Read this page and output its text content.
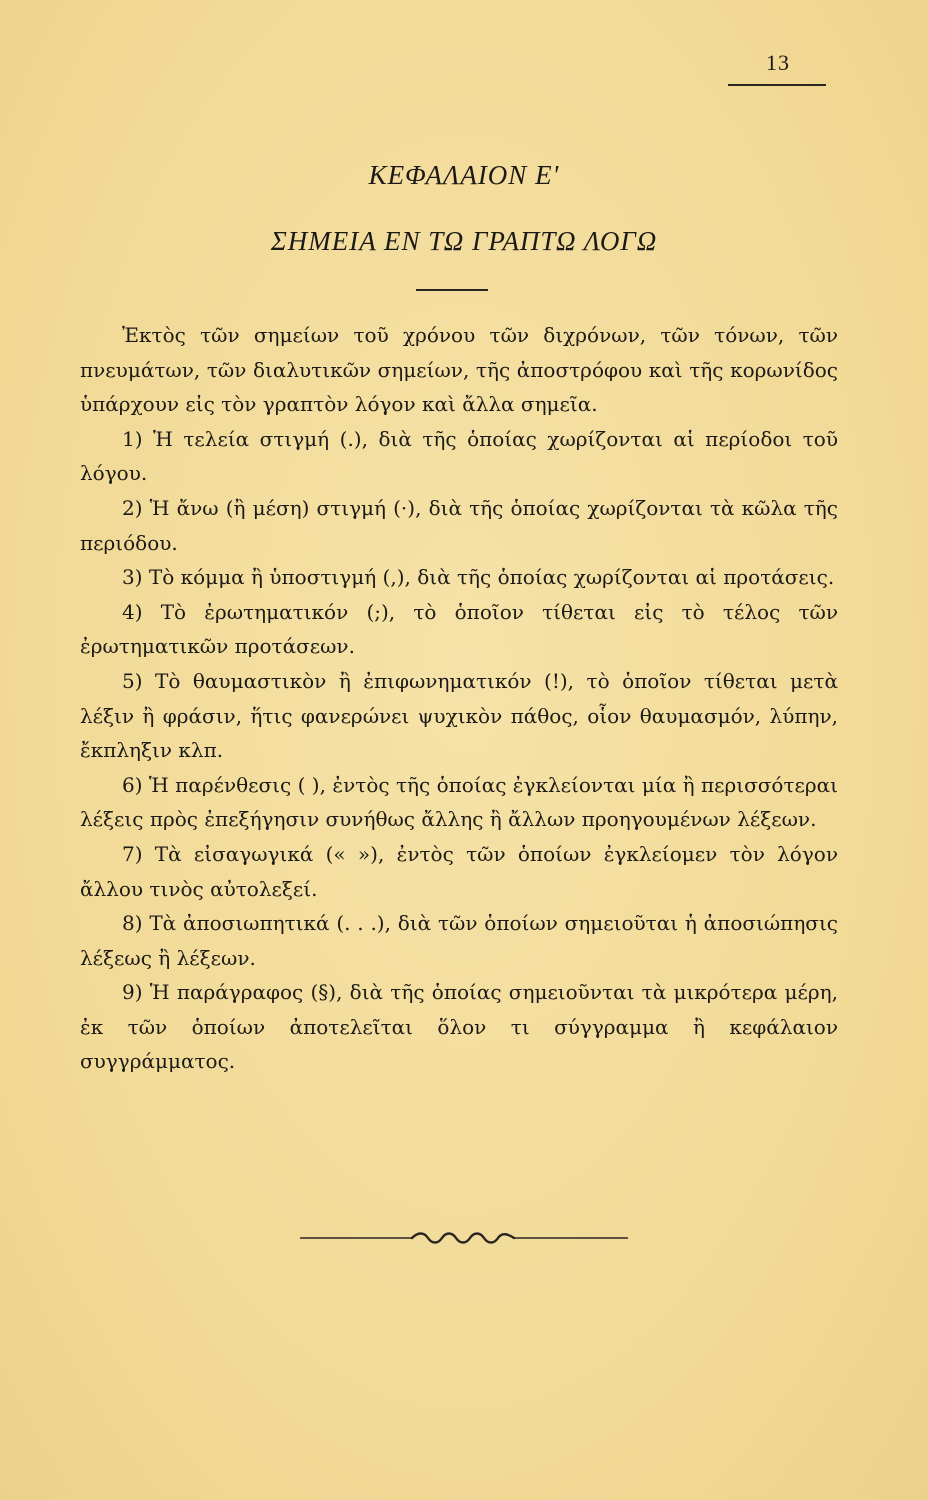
13
ΚΕΦΑΛΑΙΟΝ Ε'
ΣΗΜΕΙΑ ΕΝ ΤΩ ΓΡΑΠΤΩ ΛΟΓΩ

Ἐκτὸς τῶν σημείων τοῦ χρόνου τῶν διχρόνων, τῶν τόνων, τῶν πνευμάτων, τῶν διαλυτικῶν σημείων, τῆς ἀποστρόφου καὶ τῆς κορωνίδος ὑπάρχουν εἰς τὸν γραπτὸν λόγον καὶ ἄλλα σημεῖα.

1) Ἡ τελεία στιγμή (.), διὰ τῆς ὁποίας χωρίζονται αἱ περίοδοι τοῦ λόγου.

2) Ἡ ἄνω (ἢ μέση) στιγμή (·), διὰ τῆς ὁποίας χωρίζονται τὰ κῶλα τῆς περιόδου.

3) Τὸ κόμμα ἢ ὑποστιγμή (,), διὰ τῆς ὁποίας χωρίζονται αἱ προτάσεις.

4) Τὸ ἐρωτηματικόν (;), τὸ ὁποῖον τίθεται εἰς τὸ τέλος τῶν ἐρωτηματικῶν προτάσεων.

5) Τὸ θαυμαστικὸν ἢ ἐπιφωνηματικόν (!), τὸ ὁποῖον τίθεται μετὰ λέξιν ἢ φράσιν, ἥτις φανερώνει ψυχικὸν πάθος, οἷον θαυμασμόν, λύπην, ἔκπληξιν κλπ.

6) Ἡ παρένθεσις ( ), ἐντὸς τῆς ὁποίας ἐγκλείονται μία ἢ περισσότεραι λέξεις πρὸς ἐπεξήγησιν συνήθως ἄλλης ἢ ἄλλων προηγουμένων λέξεων.

7) Τὰ εἰσαγωγικά (« »), ἐντὸς τῶν ὁποίων ἐγκλείομεν τὸν λόγον ἄλλου τινὸς αὐτολεξεί.

8) Τὰ ἀποσιωπητικά (. . .), διὰ τῶν ὁποίων σημειοῦται ἡ ἀποσιώπησις λέξεως ἢ λέξεων.

9) Ἡ παράγραφος (§), διὰ τῆς ὁποίας σημειοῦνται τὰ μικρότερα μέρη, ἐκ τῶν ὁποίων ἀποτελεῖται ὅλον τι σύγγραμμα ἢ κεφάλαιον συγγράμματος.
